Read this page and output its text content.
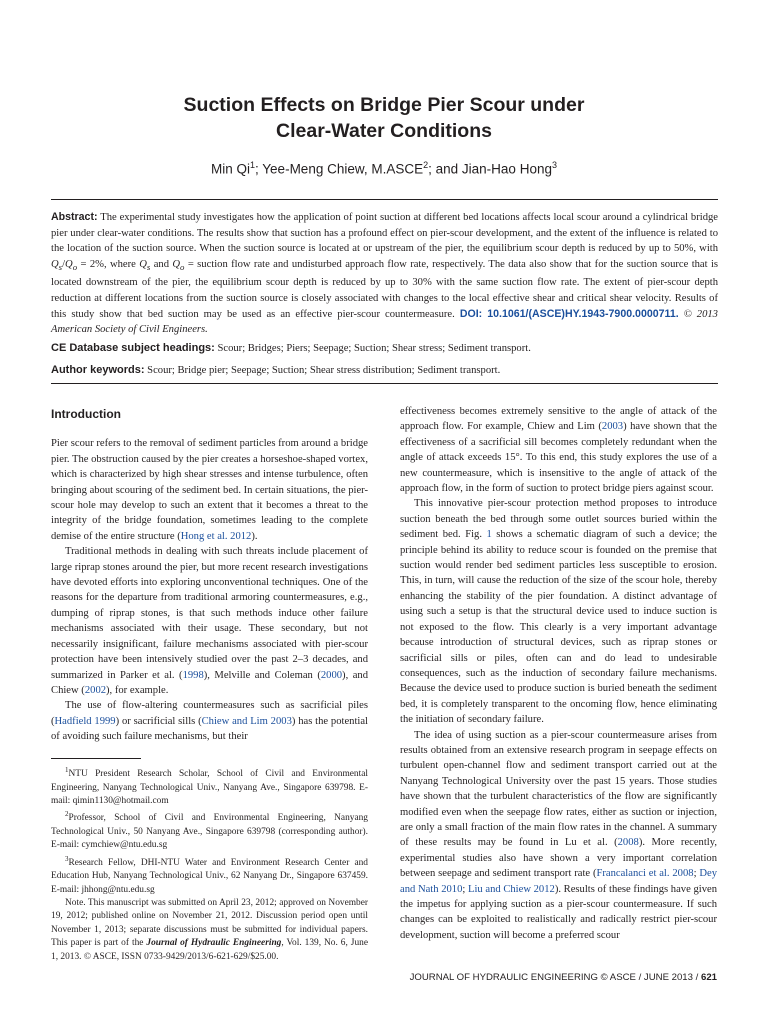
Suction Effects on Bridge Pier Scour under
Clear-Water Conditions

Min Qi$^1$; Yee-Meng Chiew, M.ASCE$^2$; and Jian-Hao Hong$^3$

Abstract: The experimental study investigates how the application of point suction at different bed locations affects local scour around a cylindrical bridge pier under clear-water conditions. The results show that suction has a profound effect on pier-scour development, and the extent of the influence is related to the location of the suction source. When the suction source is located at or upstream of the pier, the equilibrium scour depth is reduced by up to 50%, with $Q_s/Q_o = 2\%$, where $Q_s$ and $Q_o$ = suction flow rate and undisturbed approach flow rate, respectively. The data also show that for the suction source that is located downstream of the pier, the equilibrium scour depth is reduced by up to 30% with the same suction flow rate. The extent of pier-scour depth reduction at different locations from the suction source is closely associated with changes to the local effective shear and critical shear velocity. Results of this study show that bed suction may be used as an effective pier-scour countermeasure. DOI: 10.1061/(ASCE)HY.1943-7900.0000711. © 2013 American Society of Civil Engineers.

CE Database subject headings: Scour; Bridges; Piers; Seepage; Suction; Shear stress; Sediment transport.

Author keywords: Scour; Bridge pier; Seepage; Suction; Shear stress distribution; Sediment transport.

Introduction

Pier scour refers to the removal of sediment particles from around a bridge pier. The obstruction caused by the pier creates a horseshoe-shaped vortex, which is characterized by high shear stresses and intense turbulence, often bringing about scouring of the sediment bed. In certain situations, the pier-scour hole may develop to such an extent that it becomes a threat to the integrity of the bridge foundation, sometimes leading to the complete demise of the entire structure (Hong et al. 2012).

Traditional methods in dealing with such threats include placement of large riprap stones around the pier, but more recent research investigations have devoted efforts into exploring unconventional techniques. One of the reasons for the departure from traditional armoring countermeasures, e.g., dumping of riprap stones, is that such methods induce other failure mechanisms associated with their usage. These secondary, but not necessarily insignificant, failure mechanisms associated with pier-scour protection have been intensively studied over the past 2–3 decades, and summarized in Parker et al. (1998), Melville and Coleman (2000), and Chiew (2002), for example.

The use of flow-altering countermeasures such as sacrificial piles (Hadfield 1999) or sacrificial sills (Chiew and Lim 2003) has the potential of avoiding such failure mechanisms, but their

$^1$NTU President Research Scholar, School of Civil and Environmental Engineering, Nanyang Technological Univ., Nanyang Ave., Singapore 639798. E-mail: qimin1130@hotmail.com

$^2$Professor, School of Civil and Environmental Engineering, Nanyang Technological Univ., 50 Nanyang Ave., Singapore 639798 (corresponding author). E-mail: cymchiew@ntu.edu.sg

$^3$Research Fellow, DHI-NTU Water and Environment Research Center and Education Hub, Nanyang Technological Univ., 62 Nanyang Dr., Singapore 637459. E-mail: jhhong@ntu.edu.sg

Note. This manuscript was submitted on April 23, 2012; approved on November 19, 2012; published online on November 21, 2012. Discussion period open until November 1, 2013; separate discussions must be submitted for individual papers. This paper is part of the Journal of Hydraulic Engineering, Vol. 139, No. 6, June 1, 2013. © ASCE, ISSN 0733-9429/2013/6-621-629/$25.00.

effectiveness becomes extremely sensitive to the angle of attack of the approach flow. For example, Chiew and Lim (2003) have shown that the effectiveness of a sacrificial sill becomes completely redundant when the angle of attack exceeds 15°. To this end, this study explores the use of a new countermeasure, which is insensitive to the angle of attack of the approach flow, in the form of suction to protect bridge piers against scour.

This innovative pier-scour protection method proposes to introduce suction beneath the bed through some outlet sources buried within the sediment bed. Fig. 1 shows a schematic diagram of such a device; the principle behind its ability to reduce scour is founded on the premise that suction would render bed sediment particles less susceptible to erosion. This, in turn, will cause the reduction of the size of the scour hole, thereby enhancing the stability of the pier foundation. A distinct advantage of using such a setup is that the structural device used to induce suction is not exposed to the flow. This clearly is a very important advantage because introduction of structural devices, such as riprap stones or sacrificial sills or piles, often can and do lead to undesirable consequences, such as the induction of secondary failure mechanisms. Because the device used to produce suction is buried beneath the sediment bed, it is completely transparent to the oncoming flow, hence eliminating the initiation of secondary failure.

The idea of using suction as a pier-scour countermeasure arises from results obtained from an extensive research program in seepage effects on turbulent open-channel flow and sediment transport carried out at the Nanyang Technological University over the past 15 years. Those studies have shown that the turbulent characteristics of the flow are significantly modified even when the seepage flow rates, either as suction or injection, are only a small fraction of the main flow rates in the channel. A summary of these results may be found in Lu et al. (2008). More recently, experimental studies also have shown a very important correlation between seepage and sediment transport rate (Francalanci et al. 2008; Dey and Nath 2010; Liu and Chiew 2012). Results of these findings have given the impetus for applying suction as a pier-scour countermeasure. If such changes can be exploited to realistically and radically restrict pier-scour development, suction will become a preferred scour

JOURNAL OF HYDRAULIC ENGINEERING © ASCE / JUNE 2013 / 621
